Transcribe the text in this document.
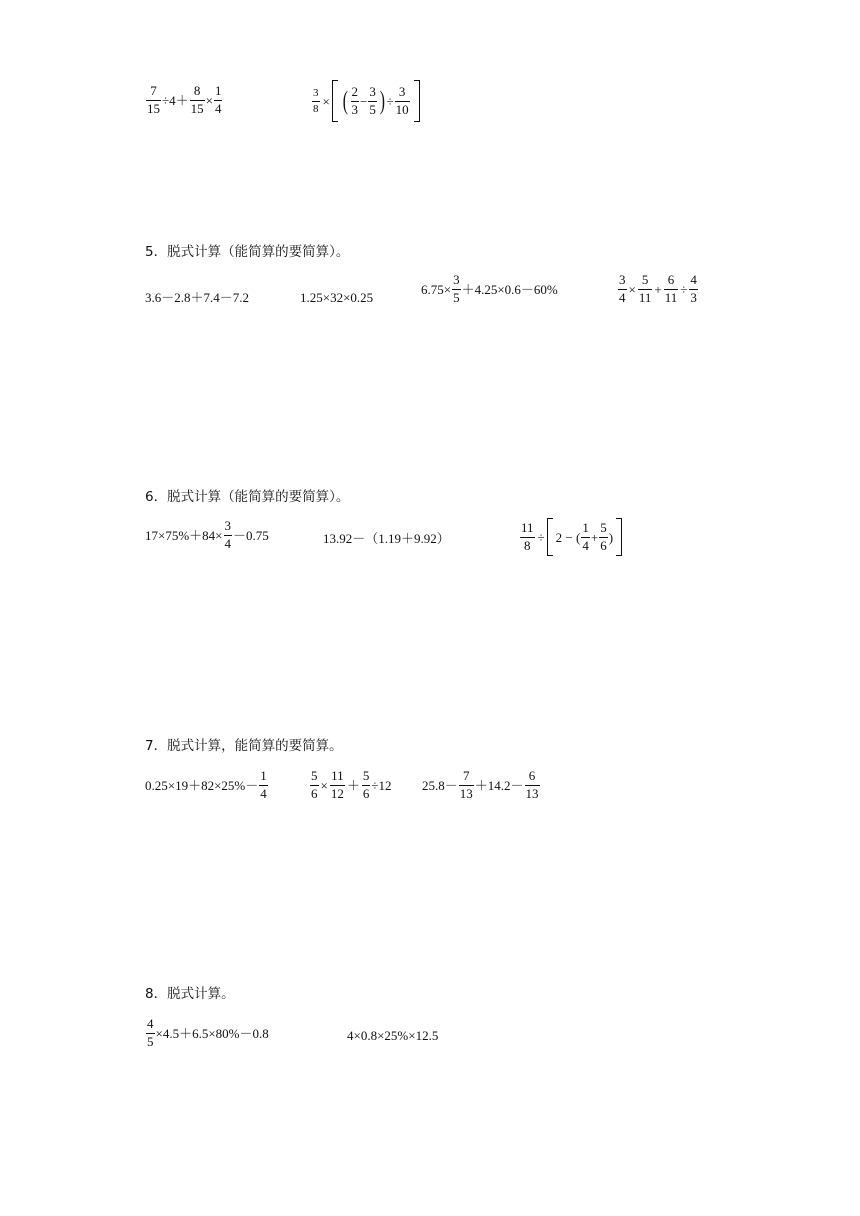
$\frac{7}{15} \div 4+ \frac{8}{15} \times \frac{1}{4}$	$\frac{3}{8}$ × ( $\frac{2}{3} - \frac{3}{5}$ ) ÷ $\frac{3}{10}$
5．脱式计算（能简算的要简算）。
3.6－2.8＋7.4－7.2	1.25×32×0.25
$6.75\times \frac{3}{5} +4.25\times 0.6-60\%$	$\frac{3}{4} \times \frac{5}{11} + \frac{6}{11} \div \frac{4}{3}$
6．脱式计算（能简算的要简算）。
$17\times 75\%+84\times \frac{3}{4} -0.75$	13.92－（1.19＋9.92）	$\frac{11}{8} \div 2$ − ( $\frac{1}{4} + \frac{5}{6}$ )
7．脱式计算，能简算的要简算。
$0.25\times 19+82\times 25\%- \frac{1}{4}$	$\frac{5}{6} \times \frac{11}{12} + \frac{5}{6} \div 12$ $25.8- \frac{7}{13} +14.2- \frac{6}{13}$
8．脱式计算。
$\frac{4}{5} \times 4.5+6.5\times 80\%-0.8$	4×0.8×25%×12.5
